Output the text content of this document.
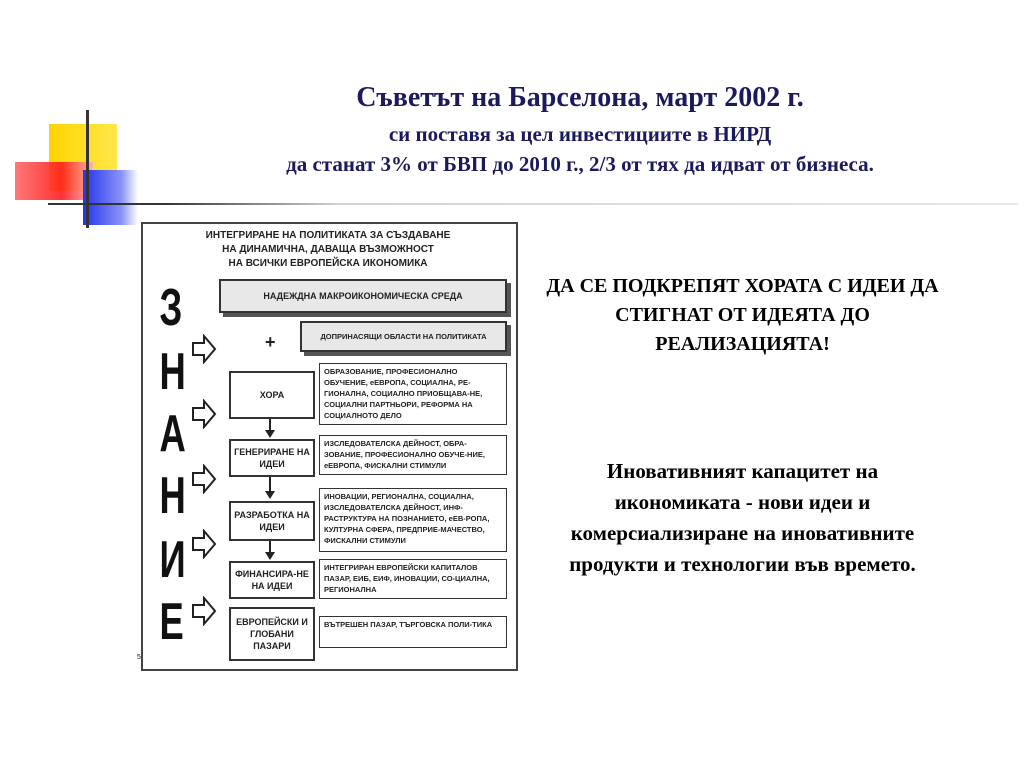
Съветът на Барселона, март 2002 г.
си поставя за цел инвестициите в НИРД
да станат 3% от БВП до 2010 г., 2/3 от тях да идват от бизнеса.
ИНТЕГРИРАНЕ НА ПОЛИТИКАТА ЗА СЪЗДАВАНЕ
НА ДИНАМИЧНА, ДАВАЩА ВЪЗМОЖНОСТ
НА ВСИЧКИ ЕВРОПЕЙСКА ИКОНОМИКА
З
Н
А
Н
И
Е
НАДЕЖДНА МАКРОИКОНОМИЧЕСКА СРЕДА
+	ДОПРИНАСЯЩИ ОБЛАСТИ НА ПОЛИТИКАТА
ХОРА
ОБРАЗОВАНИЕ, ПРОФЕСИОНАЛНО ОБУЧЕНИЕ, еЕВРОПА, СОЦИАЛНА, РЕ-ГИОНАЛНА, СОЦИАЛНО ПРИОБЩАВА-НЕ, СОЦИАЛНИ ПАРТНЬОРИ, РЕФОРМА НА СОЦИАЛНОТО ДЕЛО
ГЕНЕРИРАНЕ НА ИДЕИ
ИЗСЛЕДОВАТЕЛСКА ДЕЙНОСТ, ОБРА-ЗОВАНИЕ, ПРОФЕСИОНАЛНО ОБУЧЕ-НИЕ, еЕВРОПА, ФИСКАЛНИ СТИМУЛИ
РАЗРАБОТКА НА ИДЕИ
ИНОВАЦИИ, РЕГИОНАЛНА, СОЦИАЛНА, ИЗСЛЕДОВАТЕЛСКА ДЕЙНОСТ, ИНФ-РАСТРУКТУРА НА ПОЗНАНИЕТО, еЕВ-РОПА, КУЛТУРНА СФЕРА, ПРЕДПРИЕ-МАЧЕСТВО, ФИСКАЛНИ СТИМУЛИ
ФИНАНСИРА-НЕ НА ИДЕИ
ИНТЕГРИРАН ЕВРОПЕЙСКИ КАПИТАЛОВ ПАЗАР, ЕИБ, ЕИФ, ИНОВАЦИИ, СО-ЦИАЛНА, РЕГИОНАЛНА
ЕВРОПЕЙСКИ И ГЛОБАНИ ПАЗАРИ
ВЪТРЕШЕН ПАЗАР, ТЪРГОВСКА ПОЛИ-ТИКА
5
ДА СЕ ПОДКРЕПЯТ ХОРАТА С ИДЕИ ДА СТИГНАТ ОТ ИДЕЯТА ДО РЕАЛИЗАЦИЯТА!
Иновативният капацитет на икономиката - нови идеи и комерсиализиране на иновативните продукти и технологии във времето.
